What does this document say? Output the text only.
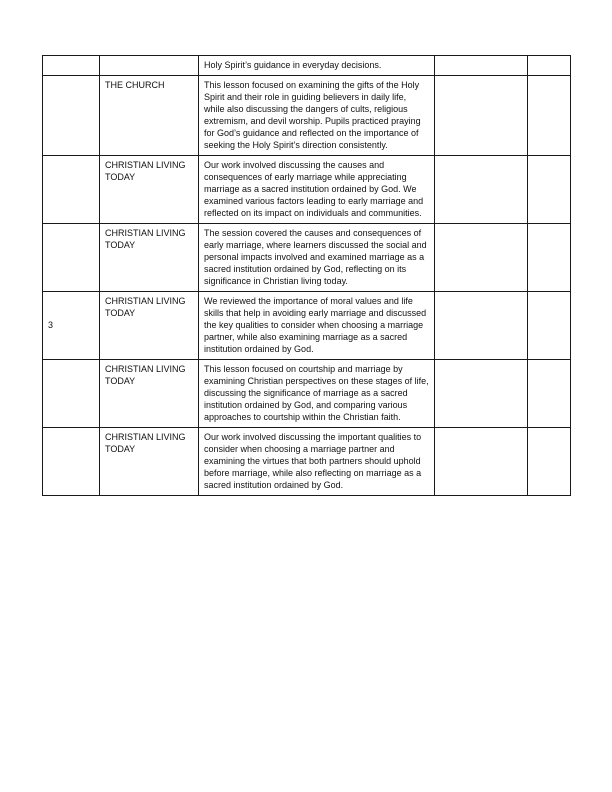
		Holy Spirit’s guidance in everyday decisions.		
	THE CHURCH	This lesson focused on examining the gifts of the Holy Spirit and their role in guiding believers in daily life, while also discussing the dangers of cults, religious extremism, and devil worship. Pupils practiced praying for God’s guidance and reflected on the importance of seeking the Holy Spirit’s direction consistently.		
	CHRISTIAN LIVING TODAY	Our work involved discussing the causes and consequences of early marriage while appreciating marriage as a sacred institution ordained by God. We examined various factors leading to early marriage and reflected on its impact on individuals and communities.		
	CHRISTIAN LIVING TODAY	The session covered the causes and consequences of early marriage, where learners discussed the social and personal impacts involved and examined marriage as a sacred institution ordained by God, reflecting on its significance in Christian living today.		
3	CHRISTIAN LIVING TODAY	We reviewed the importance of moral values and life skills that help in avoiding early marriage and discussed the key qualities to consider when choosing a marriage partner, while also examining marriage as a sacred institution ordained by God.		
	CHRISTIAN LIVING TODAY	This lesson focused on courtship and marriage by examining Christian perspectives on these stages of life, discussing the significance of marriage as a sacred institution ordained by God, and comparing various approaches to courtship within the Christian faith.		
	CHRISTIAN LIVING TODAY	Our work involved discussing the important qualities to consider when choosing a marriage partner and examining the virtues that both partners should uphold before marriage, while also reflecting on marriage as a sacred institution ordained by God.		
